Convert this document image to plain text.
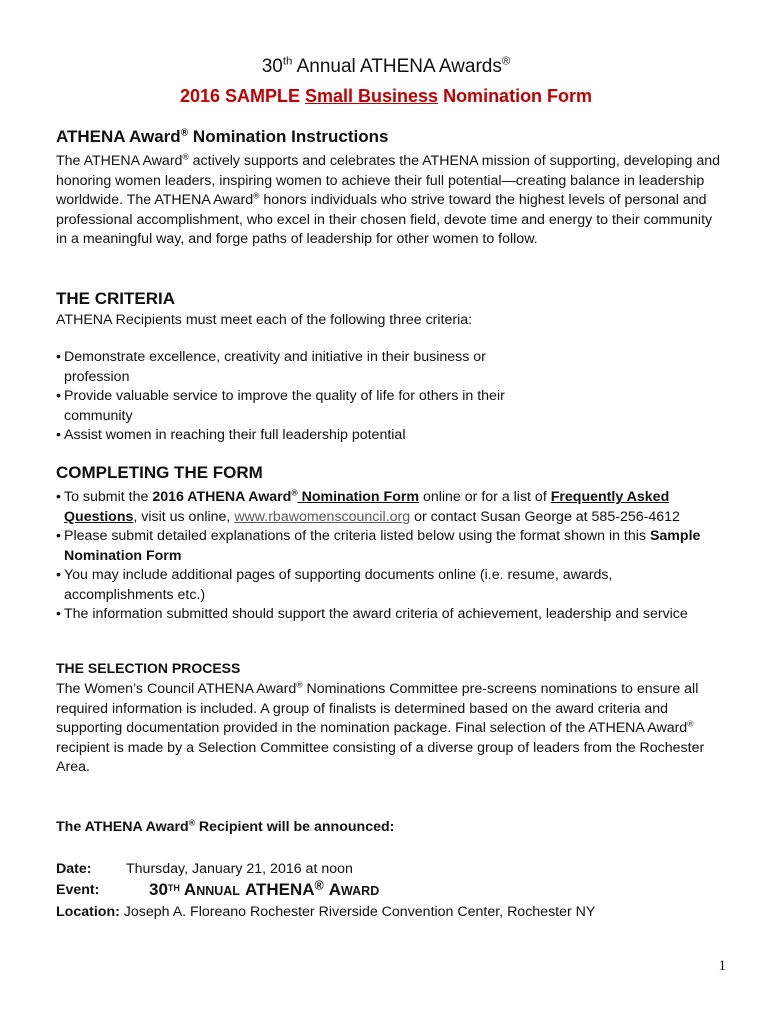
30th Annual ATHENA Awards®
2016 SAMPLE Small Business Nomination Form
ATHENA Award® Nomination Instructions
The ATHENA Award® actively supports and celebrates the ATHENA mission of supporting, developing and honoring women leaders, inspiring women to achieve their full potential—creating balance in leadership worldwide. The ATHENA Award® honors individuals who strive toward the highest levels of personal and professional accomplishment, who excel in their chosen field, devote time and energy to their community in a meaningful way, and forge paths of leadership for other women to follow.
THE CRITERIA
ATHENA Recipients must meet each of the following three criteria:
• Demonstrate excellence, creativity and initiative in their business or profession
• Provide valuable service to improve the quality of life for others in their community
• Assist women in reaching their full leadership potential
COMPLETING THE FORM
• To submit the 2016 ATHENA Award® Nomination Form online or for a list of Frequently Asked Questions, visit us online, www.rbawomenscouncil.org or contact Susan George at 585-256-4612
• Please submit detailed explanations of the criteria listed below using the format shown in this Sample Nomination Form
• You may include additional pages of supporting documents online (i.e. resume, awards, accomplishments etc.)
• The information submitted should support the award criteria of achievement, leadership and service
THE SELECTION PROCESS
The Women’s Council ATHENA Award® Nominations Committee pre-screens nominations to ensure all required information is included. A group of finalists is determined based on the award criteria and supporting documentation provided in the nomination package. Final selection of the ATHENA Award® recipient is made by a Selection Committee consisting of a diverse group of leaders from the Rochester Area.
The ATHENA Award® Recipient will be announced:
Date: Thursday, January 21, 2016 at noon
Event:	30TH ANNUAL ATHENA® AWARD
Location: Joseph A. Floreano Rochester Riverside Convention Center, Rochester NY
1
